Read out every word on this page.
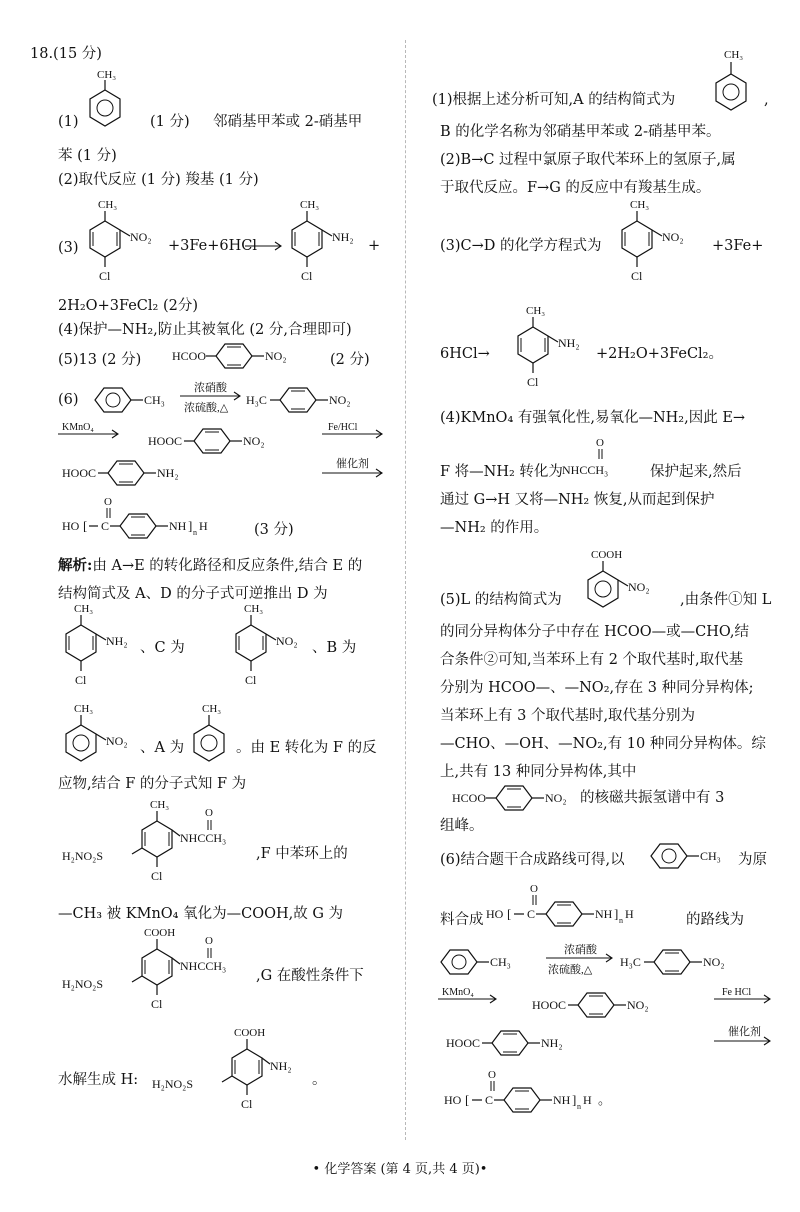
18.(15 分)
(1)
CH₃
(1 分) 邻硝基甲苯或 2-硝基甲
苯 (1 分)
(2)取代反应 (1 分) 羧基 (1 分)
(3)
CH₃
NO₂
Cl
+3Fe+6HCl
CH₃
NH₂
Cl
+
2H₂O+3FeCl₂ (2分)
(4)保护—NH₂,防止其被氧化 (2 分,合理即可)
(5)13 (2 分)	HCOO	NO₂	(2 分)
(6)	CH₃
浓硝酸
浓硫酸,△
H₃C	NO₂
KMnO₄
HOOC	NO₂
Fe/HCl
HOOC	NH₂
催化剂
O
HO [ C	NH ] n H	(3 分)
解析:由 A→E 的转化路径和反应条件,结合 E 的
结构简式及 A、D 的分子式可逆推出 D 为
CH₃
NH₂
Cl
、C 为
CH₃
NO₂
Cl
、B 为
CH₃
NO₂ 、A 为
CH₃
。由 E 转化为 F 的反
应物,结合 F 的分子式知 F 为
CH₃
NHCCH₃
O
H₂NO₂S
Cl
,F 中苯环上的
—CH₃ 被 KMnO₄ 氧化为—COOH,故 G 为
COOH
NHCCH₃
O
H₂NO₂S
Cl
,G 在酸性条件下
水解生成 H:
COOH
NH₂
H₂NO₂S
Cl
。
(1)根据上述分析可知,A 的结构简式为
CH₃
,
B 的化学名称为邻硝基甲苯或 2-硝基甲苯。
(2)B→C 过程中氯原子取代苯环上的氢原子,属
于取代反应。F→G 的反应中有羧基生成。
(3)C→D 的化学方程式为
CH₃
NO₂
Cl
+3Fe+
6HCl→
CH₃
NH₂
Cl
+2H₂O+3FeCl₂。
(4)KMnO₄ 有强氧化性,易氧化—NH₂,因此 E→
F 将—NH₂ 转化为
O
NHCCH₃	保护起来,然后
通过 G→H 又将—NH₂ 恢复,从而起到保护
—NH₂ 的作用。
(5)L 的结构简式为
COOH
NO₂
,由条件①知 L
的同分异构体分子中存在 HCOO—或—CHO,结
合条件②可知,当苯环上有 2 个取代基时,取代基
分别为 HCOO—、—NO₂,存在 3 种同分异构体;
当苯环上有 3 个取代基时,取代基分别为
—CHO、—OH、—NO₂,有 10 种同分异构体。综
上,共有 13 种同分异构体,其中
HCOO	NO₂ 的核磁共振氢谱中有 3
组峰。
(6)结合题干合成路线可得,以	CH₃ 为原
料合成
O
HO [ C	NH ] n H	的路线为
CH₃
浓硝酸
浓硫酸,△
H₃C	NO₂
KMnO₄
HOOC	NO₂
Fe HCl
HOOC	NH₂
催化剂
O
HO [ C	NH ] n H 。
• 化学答案 (第 4 页,共 4 页)•
